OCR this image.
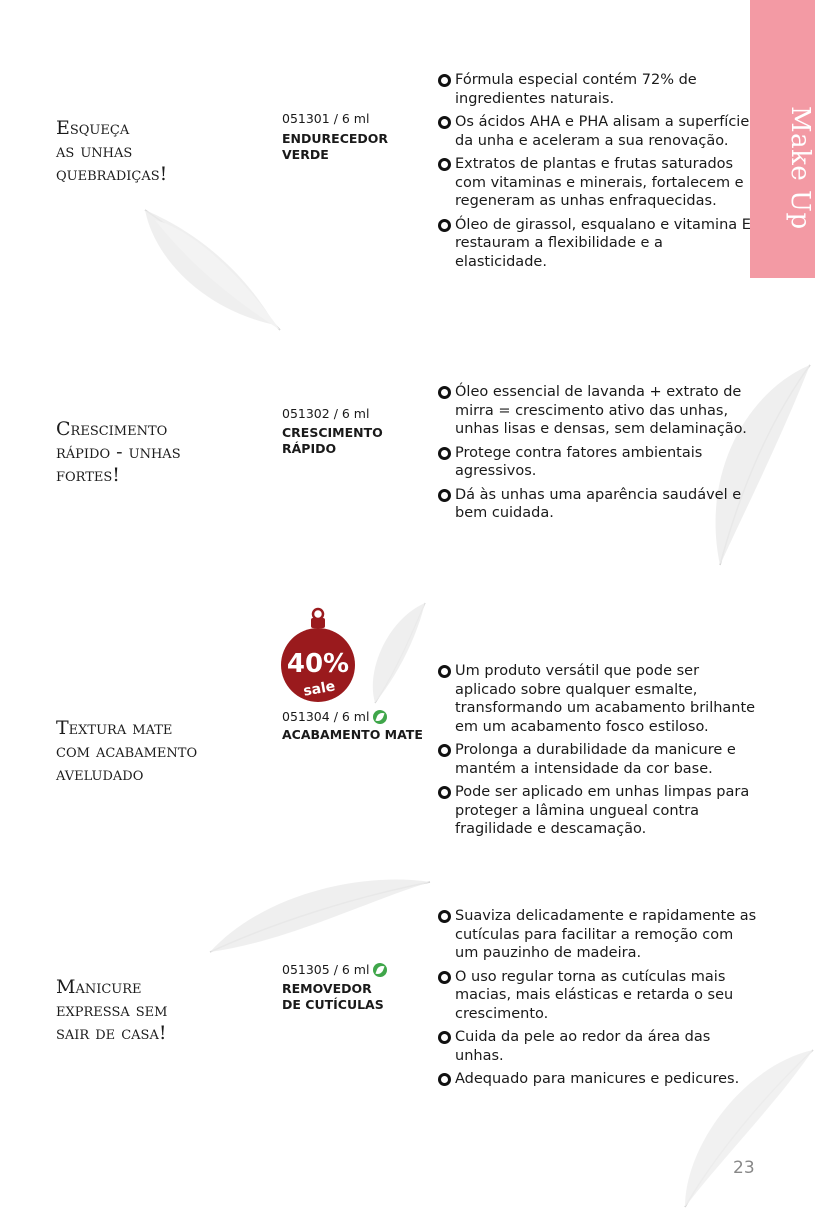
Make Up
Esqueça
as unhas
quebradiças!
051301 / 6 ml
ENDURECEDOR
VERDE
Fórmula especial contém 72% de ingredientes naturais.
Os ácidos AHA e PHA alisam a superfície da unha e aceleram a sua renovação.
Extratos de plantas e frutas saturados com vitaminas e minerais, fortalecem e regeneram as unhas enfraquecidas.
Óleo de girassol, esqualano e vitamina E restauram a flexibilidade e a elasticidade.
Crescimento
rápido - unhas
fortes!
051302 / 6 ml
CRESCIMENTO
RÁPIDO
Óleo essencial de lavanda + extrato de mirra = crescimento ativo das unhas, unhas lisas e densas, sem delaminação.
Protege contra fatores ambientais agressivos.
Dá às unhas uma aparência saudável e bem cuidada.
40%
sale
Textura mate
com acabamento
aveludado
051304 / 6 ml
ACABAMENTO MATE
Um produto versátil que pode ser aplicado sobre qualquer esmalte, transformando um acabamento brilhante em um acabamento fosco estiloso.
Prolonga a durabilidade da manicure e mantém a intensidade da cor base.
Pode ser aplicado em unhas limpas para proteger a lâmina ungueal contra fragilidade e descamação.
Manicure
expressa sem
sair de casa!
051305 / 6 ml
REMOVEDOR
DE CUTÍCULAS
Suaviza delicadamente e rapidamente as cutículas para facilitar a remoção com um pauzinho de madeira.
O uso regular torna as cutículas mais macias, mais elásticas e retarda o seu crescimento.
Cuida da pele ao redor da área das unhas.
Adequado para manicures e pedicures.
23
